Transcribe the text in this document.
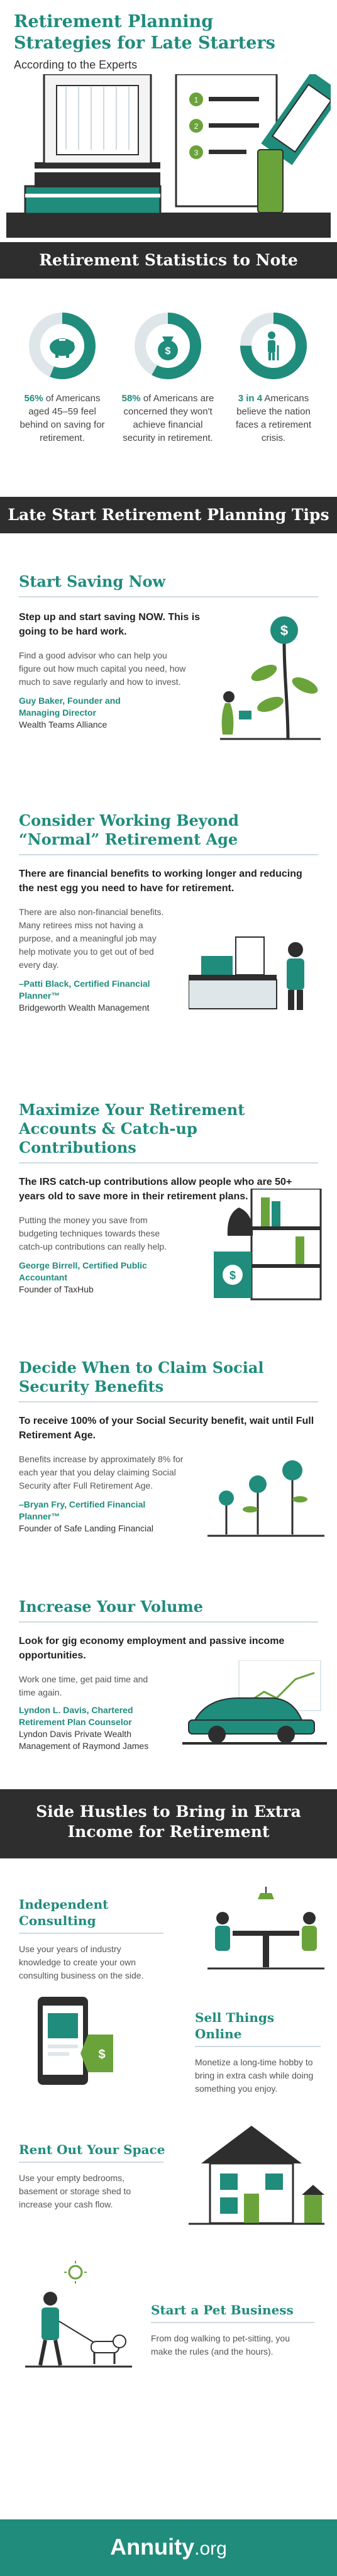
Retirement Planning
Strategies for Late Starters
According to the Experts
1
2
3
Retirement Statistics to Note
56% of Americans aged 45–59 feel behind on saving for retirement.
$
58% of Americans are concerned they won't achieve financial security in retirement.
3 in 4 Americans believe the nation faces a retirement crisis.
Late Start Retirement Planning Tips
Start Saving Now
Step up and start saving NOW. This is going to be hard work.
Find a good advisor who can help you figure out how much capital you need, how much to save regularly and how to invest.
Guy Baker, Founder and Managing Director
Wealth Teams Alliance
$
Consider Working Beyond “Normal” Retirement Age
There are financial benefits to working longer and reducing the nest egg you need to have for retirement.
There are also non-financial benefits. Many retirees miss not having a purpose, and a meaningful job may help motivate you to get out of bed every day.
–Patti Black, Certified Financial Planner™
Bridgeworth Wealth Management
Maximize Your Retirement Accounts & Catch-up Contributions
The IRS catch-up contributions allow people who are 50+ years old to save more in their retirement plans.
Putting the money you save from budgeting techniques towards these catch-up contributions can really help.
George Birrell, Certified Public Accountant
Founder of TaxHub
$
Decide When to Claim Social Security Benefits
To receive 100% of your Social Security benefit, wait until Full Retirement Age.
Benefits increase by approximately 8% for each year that you delay claiming Social Security after Full Retirement Age.
–Bryan Fry, Certified Financial Planner™
Founder of Safe Landing Financial
Increase Your Volume
Look for gig economy employment and passive income opportunities.
Work one time, get paid time and time again.
Lyndon L. Davis, Chartered Retirement Plan Counselor
Lyndon Davis Private Wealth Management of Raymond James
Side Hustles to Bring in Extra
Income for Retirement
Independent Consulting
Use your years of industry knowledge to create your own consulting business on the side.
$
Sell Things Online
Monetize a long-time hobby to bring in extra cash while doing something you enjoy.
Rent Out Your Space
Use your empty bedrooms, basement or storage shed to increase your cash flow.
Start a Pet Business
From dog walking to pet-sitting, you make the rules (and the hours).
Annuity.org
